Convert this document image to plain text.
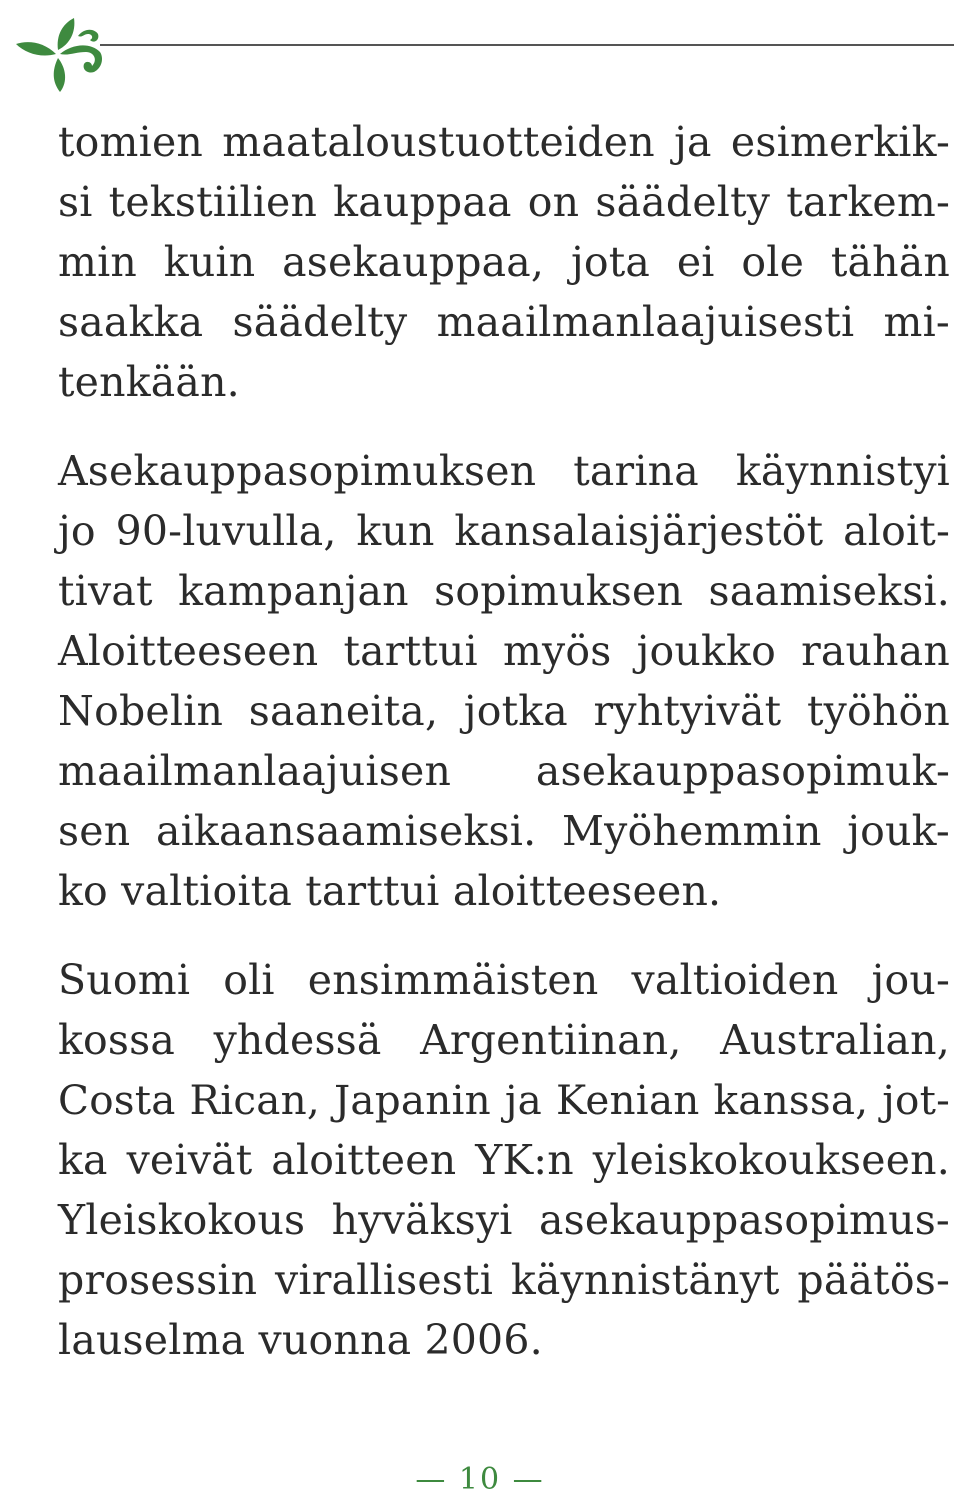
tomien maataloustuotteiden ja esimerkik-
si tekstiilien kauppaa on säädelty tarkem-
min kuin asekauppaa, jota ei ole tähän
saakka säädelty maailmanlaajuisesti mi-
tenkään.
Asekauppasopimuksen tarina käynnistyi
jo 90-luvulla, kun kansalaisjärjestöt aloit-
tivat kampanjan sopimuksen saamiseksi.
Aloitteeseen tarttui myös joukko rauhan
Nobelin saaneita, jotka ryhtyivät työhön
maailmanlaajuisen asekauppasopimuk-
sen aikaansaamiseksi. Myöhemmin jouk-
ko valtioita tarttui aloitteeseen.
Suomi oli ensimmäisten valtioiden jou-
kossa yhdessä Argentiinan, Australian,
Costa Rican, Japanin ja Kenian kanssa, jot-
ka veivät aloitteen YK:n yleiskokoukseen.
Yleiskokous hyväksyi asekauppasopimus-
prosessin virallisesti käynnistänyt päätös-
lauselma vuonna 2006.
— 10 —
